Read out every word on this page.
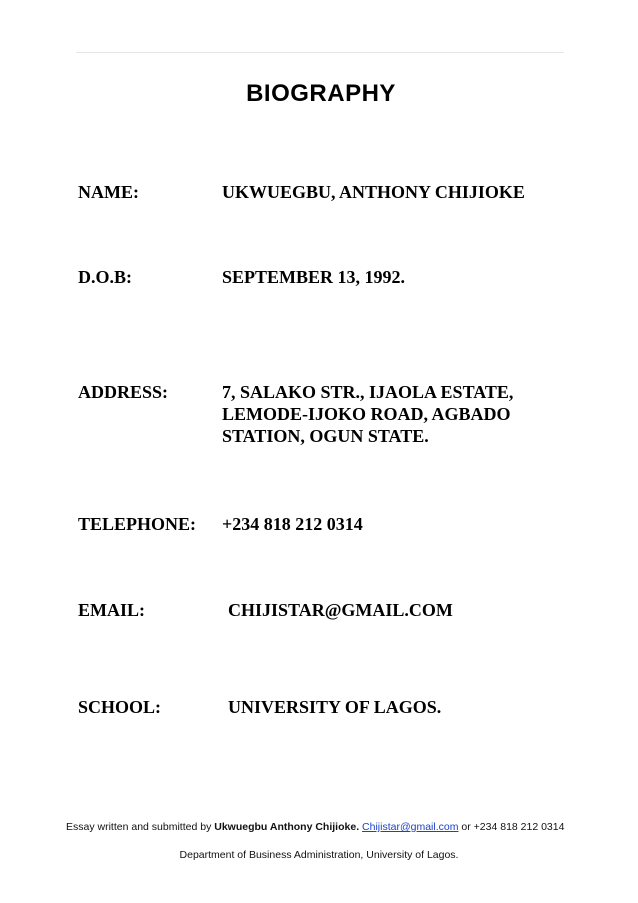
BIOGRAPHY
NAME:	UKWUEGBU, ANTHONY CHIJIOKE
D.O.B:	SEPTEMBER 13, 1992.
ADDRESS:	7, SALAKO STR., IJAOLA ESTATE,
LEMODE-IJOKO ROAD, AGBADO
STATION, OGUN STATE.
TELEPHONE: +234 818 212 0314
EMAIL:	CHIJISTAR@GMAIL.COM
SCHOOL:	UNIVERSITY OF LAGOS.
Essay written and submitted by Ukwuegbu Anthony Chijioke. Chijistar@gmail.com or +234 818 212 0314
Department of Business Administration, University of Lagos.
